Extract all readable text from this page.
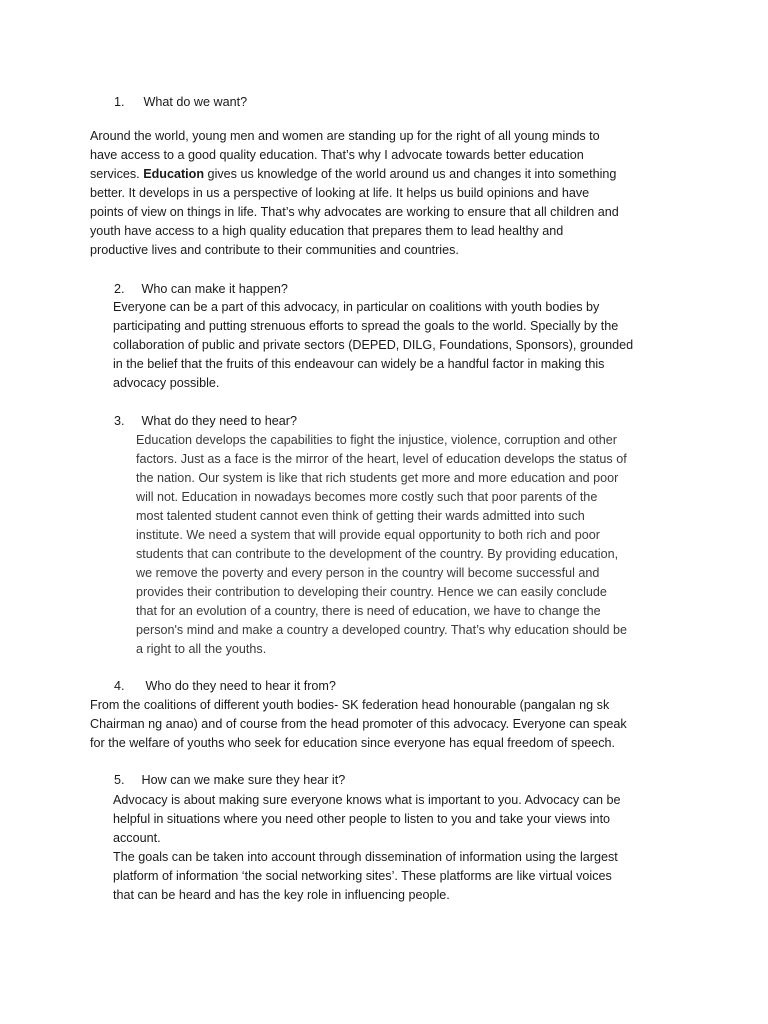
1. What do we want?
Around the world, young men and women are standing up for the right of all young minds to
have access to a good quality education. That’s why I advocate towards better education
services. Education gives us knowledge of the world around us and changes it into something
better. It develops in us a perspective of looking at life. It helps us build opinions and have
points of view on things in life. That’s why advocates are working to ensure that all children and
youth have access to a high quality education that prepares them to lead healthy and
productive lives and contribute to their communities and countries.
2. Who can make it happen?
Everyone can be a part of this advocacy, in particular on coalitions with youth bodies by
participating and putting strenuous efforts to spread the goals to the world. Specially by the
collaboration of public and private sectors (DEPED, DILG, Foundations, Sponsors), grounded
in the belief that the fruits of this endeavour can widely be a handful factor in making this
advocacy possible.
3. What do they need to hear?
Education develops the capabilities to fight the injustice, violence, corruption and other
factors. Just as a face is the mirror of the heart, level of education develops the status of
the nation. Our system is like that rich students get more and more education and poor
will not. Education in nowadays becomes more costly such that poor parents of the
most talented student cannot even think of getting their wards admitted into such
institute. We need a system that will provide equal opportunity to both rich and poor
students that can contribute to the development of the country. By providing education,
we remove the poverty and every person in the country will become successful and
provides their contribution to developing their country. Hence we can easily conclude
that for an evolution of a country, there is need of education, we have to change the
person's mind and make a country a developed country. That’s why education should be
a right to all the youths.
4. Who do they need to hear it from?
From the coalitions of different youth bodies- SK federation head honourable (pangalan ng sk
Chairman ng anao) and of course from the head promoter of this advocacy. Everyone can speak
for the welfare of youths who seek for education since everyone has equal freedom of speech.
5. How can we make sure they hear it?
Advocacy is about making sure everyone knows what is important to you. Advocacy can be
helpful in situations where you need other people to listen to you and take your views into
account.
The goals can be taken into account through dissemination of information using the largest
platform of information ‘the social networking sites’. These platforms are like virtual voices
that can be heard and has the key role in influencing people.
